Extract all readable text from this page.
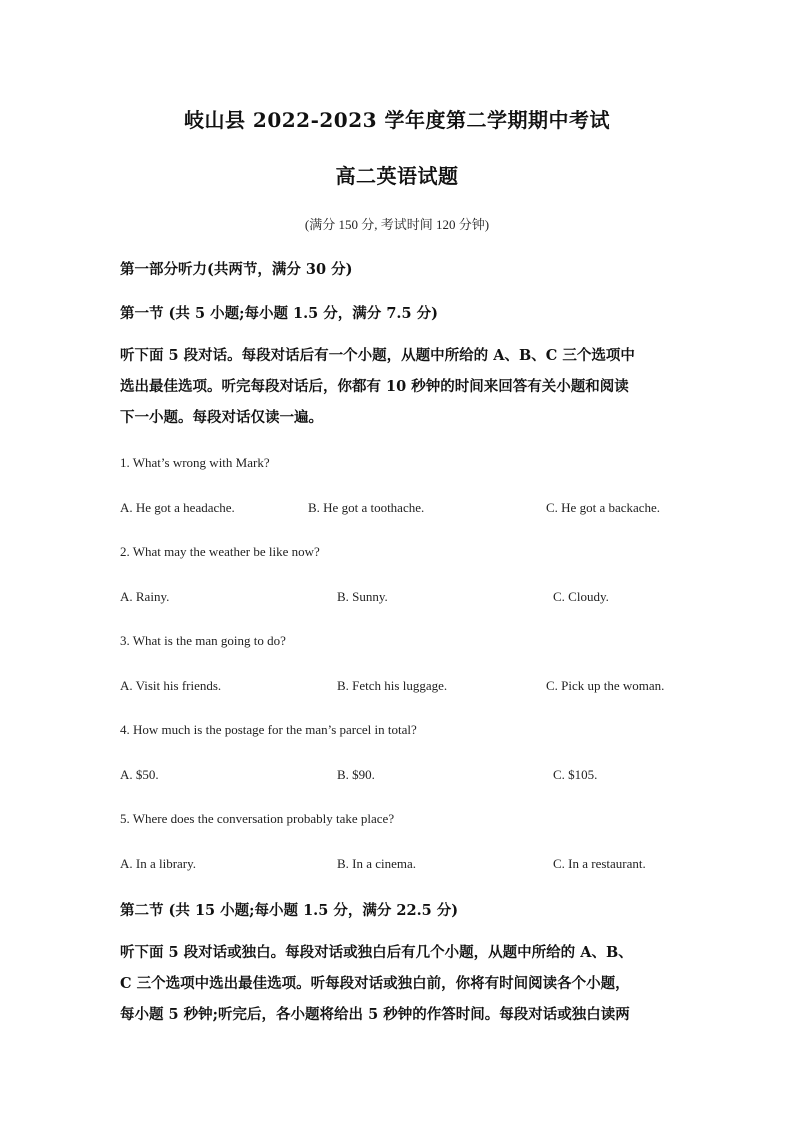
岐山县 2022-2023 学年度第二学期期中考试
高二英语试题
(满分 150 分, 考试时间 120 分钟)
第一部分听力(共两节，满分 30 分)
第一节 (共 5 小题;每小题 1.5 分，满分 7.5 分)
听下面 5 段对话。每段对话后有一个小题，从题中所给的 A、B、C 三个选项中
选出最佳选项。听完每段对话后，你都有 10 秒钟的时间来回答有关小题和阅读
下一小题。每段对话仅读一遍。
1. What’s wrong with Mark?
A. He got a headache.	B. He got a toothache.	C. He got a backache.
2. What may the weather be like now?
A. Rainy.	B. Sunny.	C. Cloudy.
3. What is the man going to do?
A. Visit his friends.	B. Fetch his luggage.	C. Pick up the woman.
4. How much is the postage for the man’s parcel in total?
A. $50.	B. $90.	C. $105.
5. Where does the conversation probably take place?
A. In a library.	B. In a cinema.	C. In a restaurant.
第二节 (共 15 小题;每小题 1.5 分，满分 22.5 分)
听下面 5 段对话或独白。每段对话或独白后有几个小题，从题中所给的 A、B、
C 三个选项中选出最佳选项。听每段对话或独白前，你将有时间阅读各个小题，
每小题 5 秒钟;听完后，各小题将给出 5 秒钟的作答时间。每段对话或独白读两
